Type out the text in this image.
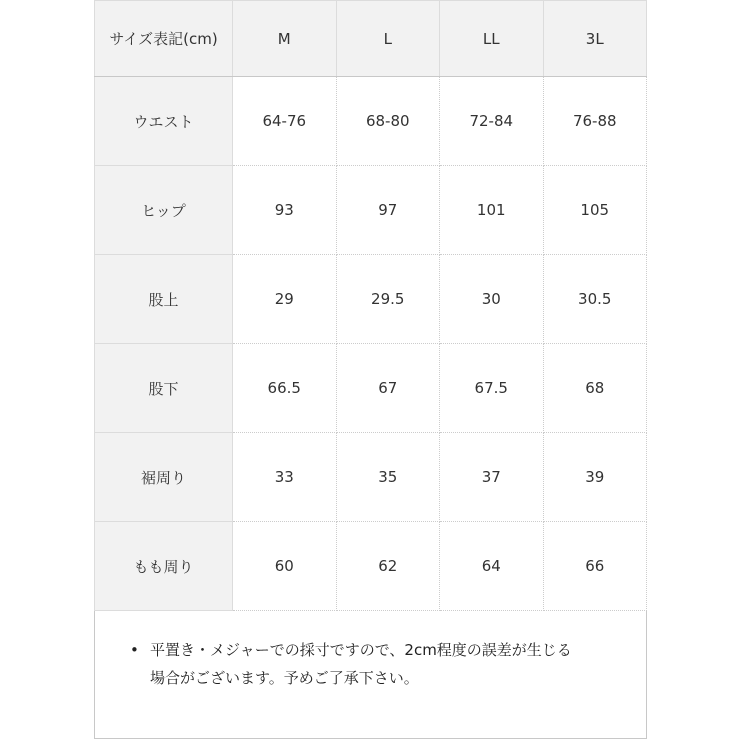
サイズ表記(cm)	M	L	LL	3L
ウエスト	64-76	68-80	72-84	76-88
ヒップ	93	97	101	105
股上	29	29.5	30	30.5
股下	66.5	67	67.5	68
裾周り	33	35	37	39
もも周り	60	62	64	66
• 平置き・メジャーでの採寸ですので、2cm程度の誤差が生じる
場合がございます。予めご了承下さい。
